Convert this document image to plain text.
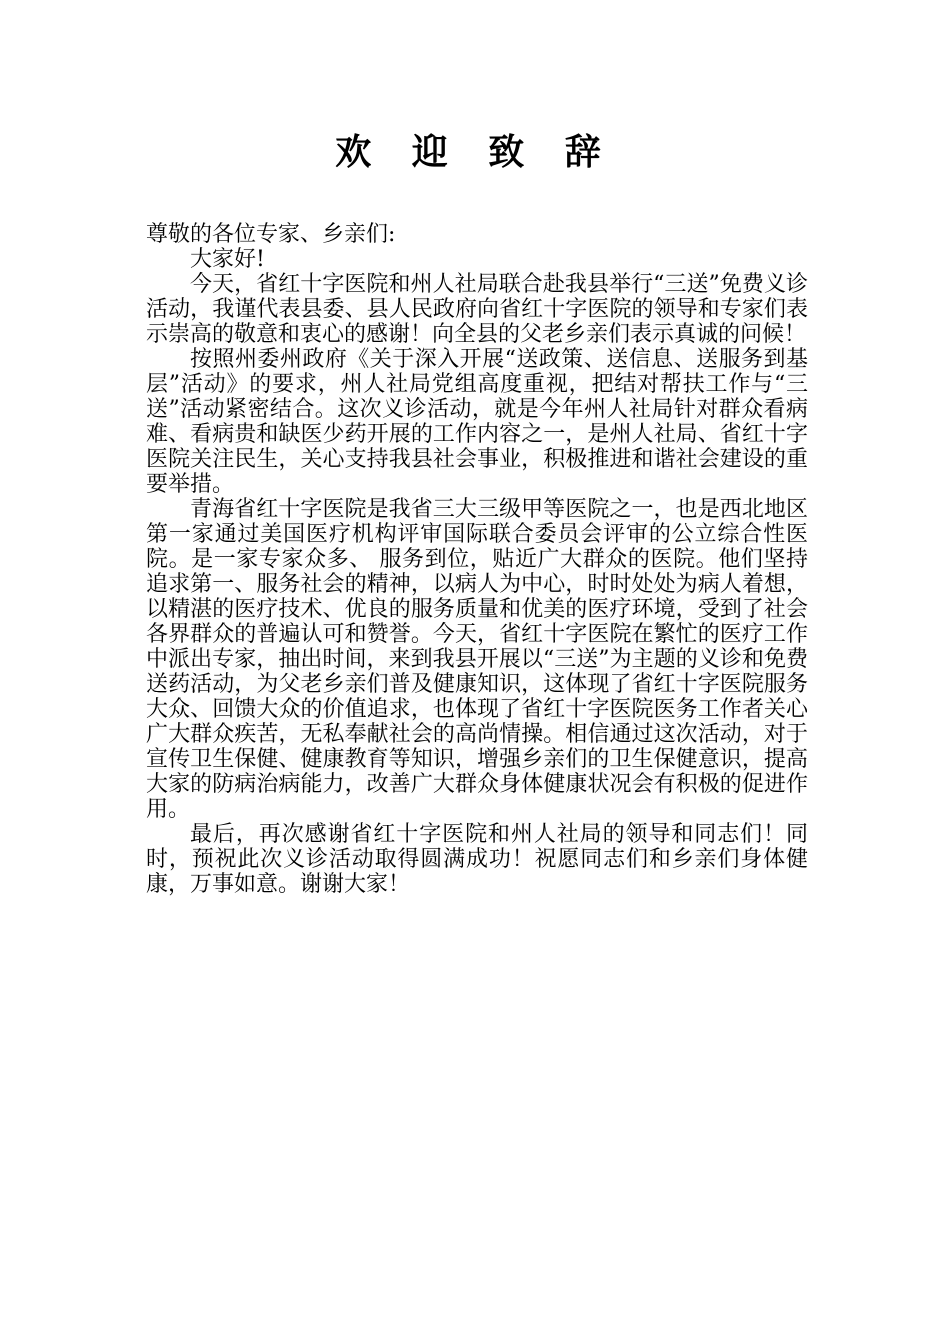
欢 迎 致 辞

尊敬的各位专家、乡亲们:

大家好!

今天，省红十字医院和州人社局联合赴我县举行“三送”免费义诊活动，我谨代表县委、县人民政府向省红十字医院的领导和专家们表示崇高的敬意和衷心的感谢！向全县的父老乡亲们表示真诚的问候！

按照州委州政府《关于深入开展“送政策、送信息、送服务到基层”活动》的要求，州人社局党组高度重视，把结对帮扶工作与“三送”活动紧密结合。这次义诊活动，就是今年州人社局针对群众看病难、看病贵和缺医少药开展的工作内容之一，是州人社局、省红十字医院关注民生，关心支持我县社会事业，积极推进和谐社会建设的重要举措。

青海省红十字医院是我省三大三级甲等医院之一，也是西北地区第一家通过美国医疗机构评审国际联合委员会评审的公立综合性医院。是一家专家众多、 服务到位，贴近广大群众的医院。他们坚持追求第一、服务社会的精神，以病人为中心，时时处处为病人着想，以精湛的医疗技术、优良的服务质量和优美的医疗环境，受到了社会各界群众的普遍认可和赞誉。今天，省红十字医院在繁忙的医疗工作中派出专家，抽出时间，来到我县开展以“三送”为主题的义诊和免费送药活动，为父老乡亲们普及健康知识，这体现了省红十字医院服务大众、回馈大众的价值追求，也体现了省红十字医院医务工作者关心广大群众疾苦，无私奉献社会的高尚情操。相信通过这次活动，对于宣传卫生保健、健康教育等知识，增强乡亲们的卫生保健意识，提高大家的防病治病能力，改善广大群众身体健康状况会有积极的促进作用。

最后，再次感谢省红十字医院和州人社局的领导和同志们！同时，预祝此次义诊活动取得圆满成功！祝愿同志们和乡亲们身体健康，万事如意。谢谢大家！
